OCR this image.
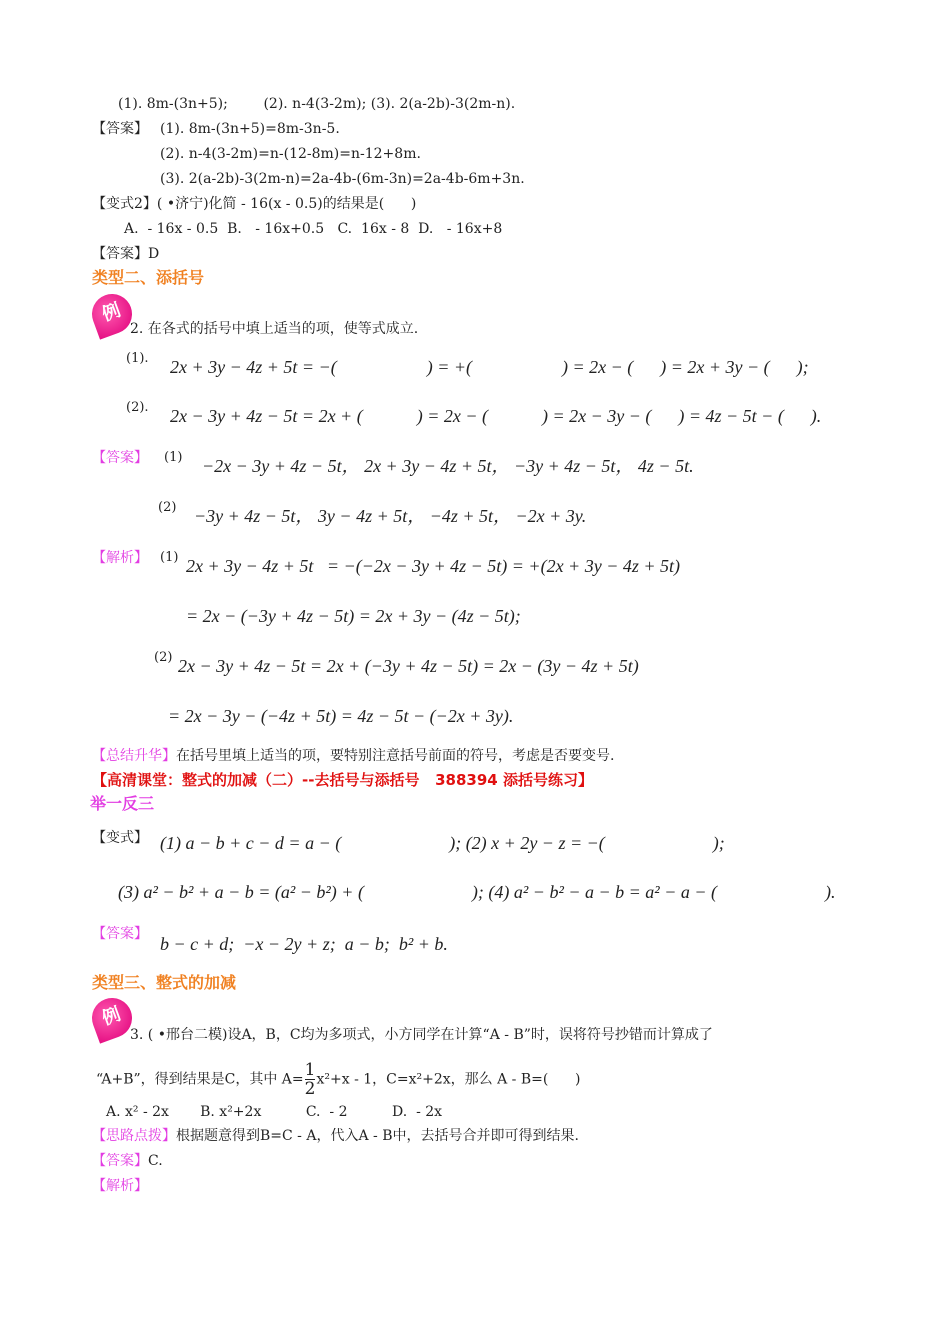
(1). 8m-(3n+5);        (2). n-4(3-2m); (3). 2(a-2b)-3(2m-n).
【答案】 (1). 8m-(3n+5)=8m-3n-5.
(2). n-4(3-2m)=n-(12-8m)=n-12+8m.
(3). 2(a-2b)-3(2m-n)=2a-4b-(6m-3n)=2a-4b-6m+3n.
【变式2】( •济宁)化简 - 16(x - 0.5)的结果是(      )
A.  - 16x - 0.5  B.   - 16x+0.5   C.  16x - 8  D.   - 16x+8
【答案】D
类型二、添括号
例
2. 在各式的括号中填上适当的项，使等式成立.
(1). 2x + 3y − 4z + 5t = −(                    ) = +(                    ) = 2x − (      ) = 2x + 3y − (      );
(2). 2x − 3y + 4z − 5t = 2x + (            ) = 2x − (            ) = 2x − 3y − (      ) = 4z − 5t − (      ).
【答案】 (1) −2x − 3y + 4z − 5t， 2x + 3y − 4z + 5t， −3y + 4z − 5t， 4z − 5t.
(2) −3y + 4z − 5t， 3y − 4z + 5t， −4z + 5t， −2x + 3y.
【解析】 (1) 2x + 3y − 4z + 5t   = −(−2x − 3y + 4z − 5t) = +(2x + 3y − 4z + 5t)
= 2x − (−3y + 4z − 5t) = 2x + 3y − (4z − 5t);
(2) 2x − 3y + 4z − 5t = 2x + (−3y + 4z − 5t) = 2x − (3y − 4z + 5t)
= 2x − 3y − (−4z + 5t) = 4z − 5t − (−2x + 3y).
【总结升华】在括号里填上适当的项，要特别注意括号前面的符号，考虑是否要变号.
【高清课堂：整式的加减（二）--去括号与添括号   388394 添括号练习】
举一反三
【变式】 (1) a − b + c − d = a − (                        ); (2) x + 2y − z = −(                        );
(3) a² − b² + a − b = (a² − b²) + (                        ); (4) a² − b² − a − b = a² − a − (                        ).
【答案】 b − c + d;  −x − 2y + z;  a − b;  b² + b.
类型三、整式的加减
例
3. ( •邢台二模)设A，B，C均为多项式，小方同学在计算“A - B”时，误将符号抄错而计算成了
“A+B”，得到结果是C，其中 $A= \frac{1}{2} x^2+x - 1$，C=x²+2x，那么 A - B=(      )
A. x² - 2x       B. x²+2x          C.  - 2          D.  - 2x
【思路点拨】根据题意得到B=C - A，代入A - B中，去括号合并即可得到结果.
【答案】C.
【解析】
